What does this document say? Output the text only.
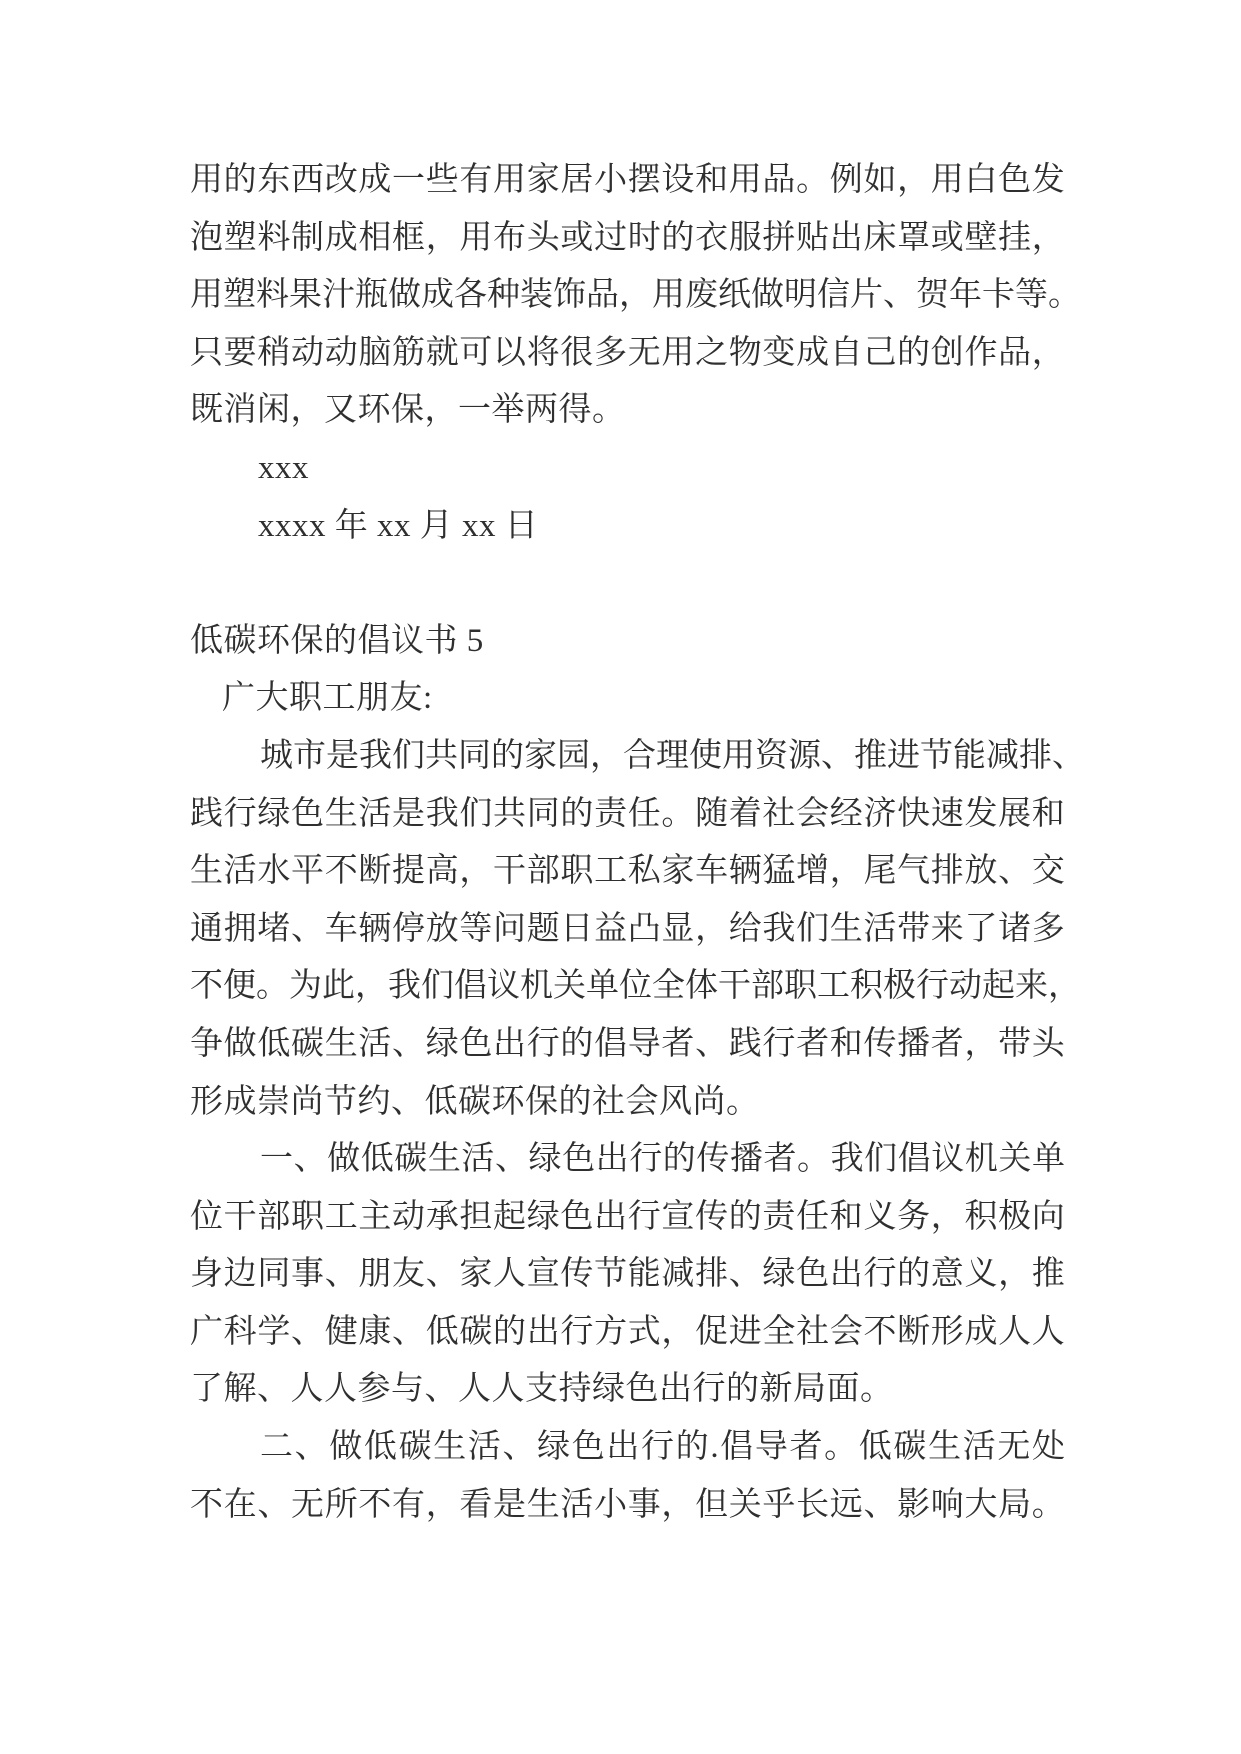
用 的 东 西 改 成 一 些 有 用 家 居 小 摆 设 和 用 品 。 例 如 ， 用 白 色 发
泡 塑 料 制 成 相 框 ， 用 布 头 或 过 时 的 衣 服 拼 贴 出 床 罩 或 壁 挂 ，
用 塑 料 果 汁 瓶 做 成 各 种 装 饰 品 ， 用 废 纸 做 明 信 片 、 贺 年 卡 等 。
只 要 稍 动 动 脑 筋 就 可 以 将 很 多 无 用 之 物 变 成 自 己 的 创 作 品 ，
既消闲，又环保，一举两得。
xxx
xxxx 年 xx 月 xx 日
低碳环保的倡议书 5
广大职工朋友:
城 市 是 我 们 共 同 的 家 园 ， 合 理 使 用 资 源 、 推 进 节 能 减 排 、
践 行 绿 色 生 活 是 我 们 共 同 的 责 任 。 随 着 社 会 经 济 快 速 发 展 和
生 活 水 平 不 断 提 高 ， 干 部 职 工 私 家 车 辆 猛 增 ， 尾 气 排 放 、 交
通 拥 堵 、 车 辆 停 放 等 问 题 日 益 凸 显 ， 给 我 们 生 活 带 来 了 诸 多
不 便 。 为 此 ， 我 们 倡 议 机 关 单 位 全 体 干 部 职 工 积 极 行 动 起 来 ，
争 做 低 碳 生 活 、 绿 色 出 行 的 倡 导 者 、 践 行 者 和 传 播 者 ， 带 头
形成崇尚节约、低碳环保的社会风尚。
一 、 做 低 碳 生 活 、 绿 色 出 行 的 传 播 者 。 我 们 倡 议 机 关 单
位 干 部 职 工 主 动 承 担 起 绿 色 出 行 宣 传 的 责 任 和 义 务 ， 积 极 向
身 边 同 事 、 朋 友 、 家 人 宣 传 节 能 减 排 、 绿 色 出 行 的 意 义 ， 推
广 科 学 、 健 康 、 低 碳 的 出 行 方 式 ， 促 进 全 社 会 不 断 形 成 人 人
了解、人人参与、人人支持绿色出行的新局面。
二 、 做 低 碳 生 活 、 绿 色 出 行 的 . 倡 导 者 。 低 碳 生 活 无 处
不 在 、 无 所 不 有 ， 看 是 生 活 小 事 ， 但 关 乎 长 远 、 影 响 大 局 。
